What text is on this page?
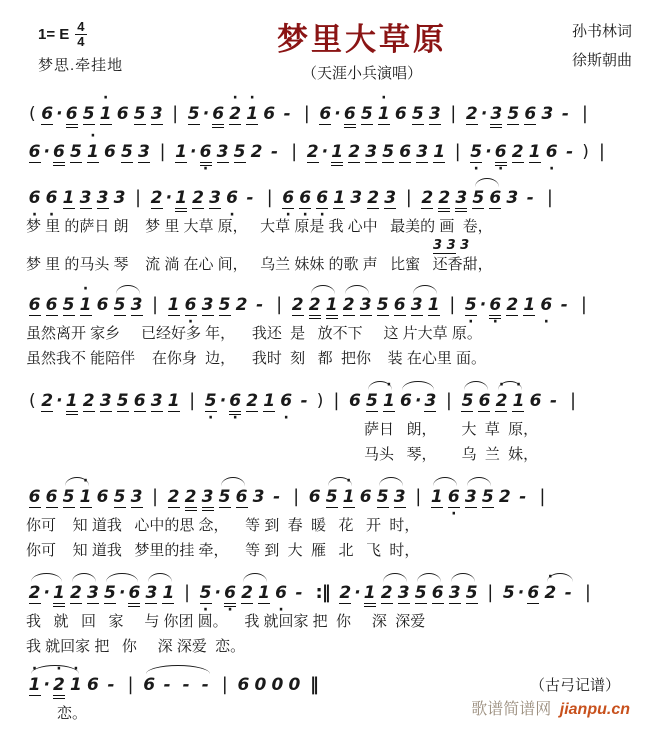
1= E $\frac{4}{4}$
梦思.牵挂地
梦里大草原
（天涯小兵演唱）
孙书林词
徐斯朝曲
( 6 · 6 5 · 1 6 5 3 | 5 · 6 · 2 · 1 6 - | 6 · 6 5 · 1 6 5 3 | 2 · 3 5 6 3 - |
6 · 6 5 · 1 6 5 3 | 1 · 6 · 3 5 2 - | 2 · 1 2 3 5 6 3 1 | 5 · · 6 · 2 1 6 · - ) |
6 · 6 · 1 3 3 3 | 2 · 1 2 3 6 · - | 6 · 6 · 6 · 1 3 2 3 | 2 2 3 5 6 3 - |
梦 里 的萨日 朗    梦 里 大草 原，   大草 原是 我 心中   最美的 画  卷，
3 3 3
梦 里 的马头 琴    流 淌 在心 间，   乌兰 妹妹 的歌 声   比蜜   还香甜，
6 6 5 · 1 6 5 3 | 1 6 · 3 5 2 - | 2 2 1 2 3 5 6 3 1 | 5 · · 6 · 2 1 6 · - |
虽然离开 家乡     已经好多 年，    我还  是   放不下     这 片大草 原。
虽然我不 能陪伴    在你身  边，    我时  刻   都  把你    装 在心里 面。
( 2 · 1 2 3 5 6 3 1 | 5 · · 6 · 2 1 6 · - ) | 6 5 · 1 6 · 3 | 5 6 · 2 · 1 6 - |
萨日   朗，      大  草  原，
马头   琴，      乌  兰  妹，
6 6 5 · 1 6 5 3 | 2 2 3 5 6 3 - | 6 5 · 1 6 5 3 | 1 6 · 3 5 2 - |
你可    知 道我   心中的思 念，    等 到  春  暖   花   开  时，
你可    知 道我   梦里的挂 牵，    等 到  大  雁   北   飞  时，
2 · 1 2 3 5 · 6 3 1 | 5 · · 6 · 2 1 6 · - :‖ 2 · 1 2 3 5 6 3 5 | 5 · 6 · 2 - |
我   就   回   家     与 你团 圆。    我 就回家 把  你     深  深爱
我 就回家 把   你     深 深爱  恋。
· 1 · · 2 · 1 6 - | 6 - - - | 6 0 0 0 ‖	（古弓记谱）
恋。	歌谱简谱网 jianpu.cn
